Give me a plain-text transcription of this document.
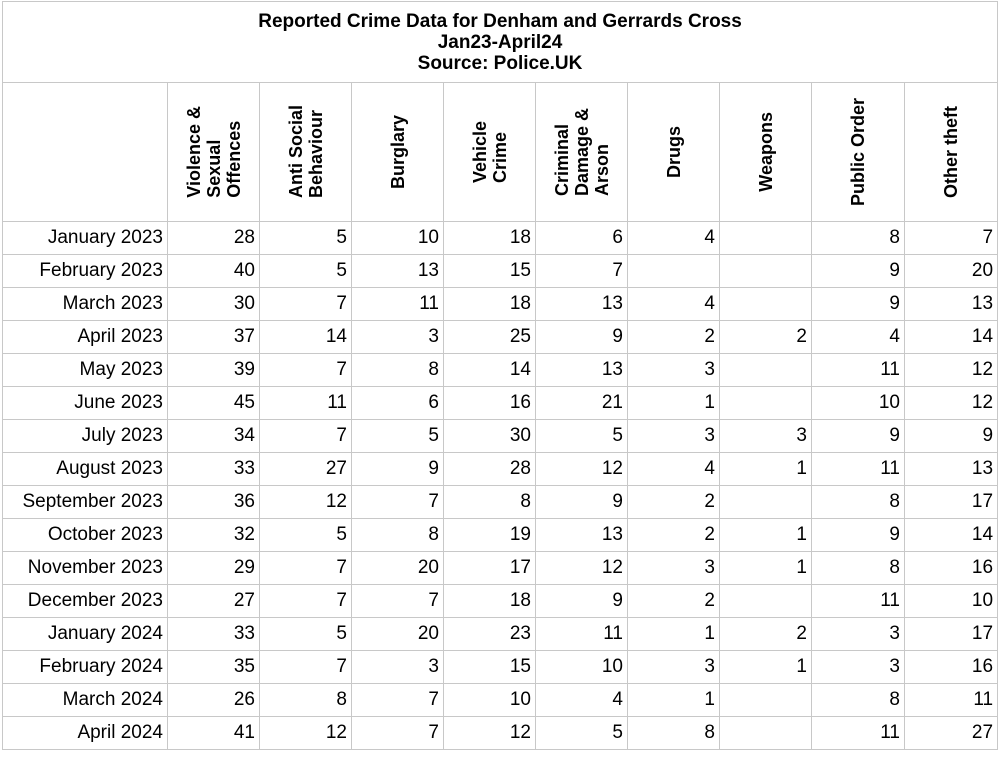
Reported Crime Data for Denham and Gerrards Cross
Jan23-April24
Source: Police.UK									

	Violence &
Sexual
Offences	Anti Social
Behaviour	Burglary	Vehicle
Crime	Criminal
Damage &
Arson	Drugs	Weapons	Public Order	Other theft

January 2023	28	5	10	18	6	4		8	7
February 2023	40	5	13	15	7			9	20
March 2023	30	7	11	18	13	4		9	13
April 2023	37	14	3	25	9	2	2	4	14
May 2023	39	7	8	14	13	3		11	12
June 2023	45	11	6	16	21	1		10	12
July 2023	34	7	5	30	5	3	3	9	9
August 2023	33	27	9	28	12	4	1	11	13
September 2023	36	12	7	8	9	2		8	17
October 2023	32	5	8	19	13	2	1	9	14
November 2023	29	7	20	17	12	3	1	8	16
December 2023	27	7	7	18	9	2		11	10
January 2024	33	5	20	23	11	1	2	3	17
February 2024	35	7	3	15	10	3	1	3	16
March 2024	26	8	7	10	4	1		8	11
April 2024	41	12	7	12	5	8		11	27
